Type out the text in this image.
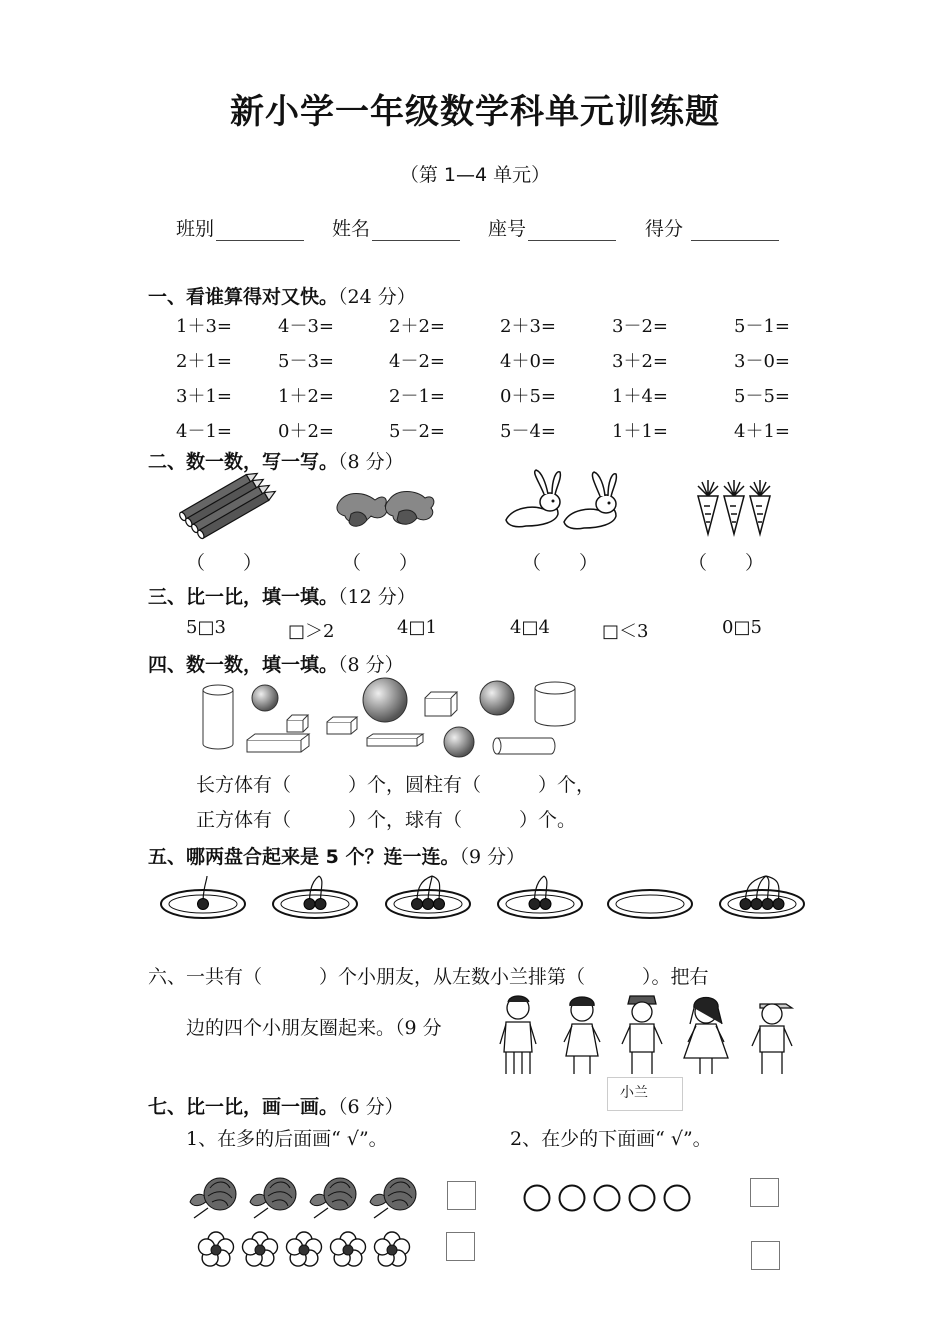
新小学一年级数学科单元训练题
（第 1—4 单元）
班别	姓名	座号	得分
一、看谁算得对又快。（24 分）
1＋3=	4－3=	2＋2=	2＋3=	3－2=	5－1=
2＋1=	5－3=	4－2=	4＋0=	3＋2=	3－0=
3＋1=	1＋2=	2－1=	0＋5=	1＋4=	5－5=
4－1=	0＋2=	5－2=	5－4=	1＋1=	4＋1=
二、数一数，写一写。（8 分）
（　　）	（　　）	（　　）	（　　）
三、比一比，填一填。（12 分）
5□3	□＞2	4□1	4□4	□＜3	0□5
四、数一数，填一填。（8 分）
长方体有（　　　）个，圆柱有（　　　）个，
正方体有（　　　）个，球有（　　　）个。
五、哪两盘合起来是 5 个？连一连。（9 分）
六、一共有（　　　）个小朋友，从左数小兰排第（　　　）。把右
边的四个小朋友圈起来。（9 分
小兰
七、比一比，画一画。（6 分）
1、在多的后面画“ √”。	2、在少的下面画“ √”。
